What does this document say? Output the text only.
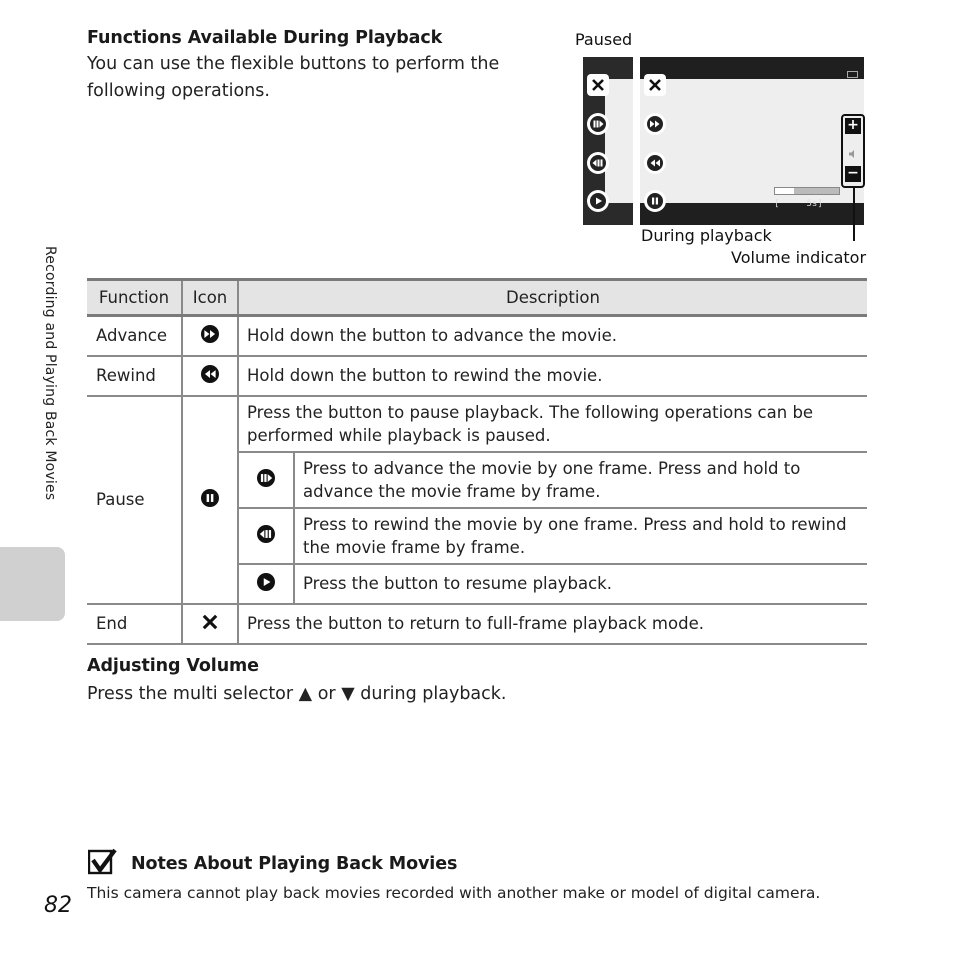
Recording and Playing Back Movies
Functions Available During Playback
You can use the flexible buttons to perform the following operations.
Paused
[     5s]
+
−
During playback
Volume indicator
Function	Icon	Description	
Advance		Hold down the button to advance the movie.	
Rewind		Hold down the button to rewind the movie.	
Pause		Press the button to pause playback. The following operations can be performed while playback is paused.	
	Press to advance the movie by one frame. Press and hold to advance the movie frame by frame.
	Press to rewind the movie by one frame. Press and hold to rewind the movie frame by frame.
	Press the button to resume playback.
End		Press the button to return to full-frame playback mode.	
Adjusting Volume
Press the multi selector ▲ or ▼ during playback.
Notes About Playing Back Movies
This camera cannot play back movies recorded with another make or model of digital camera.
82
